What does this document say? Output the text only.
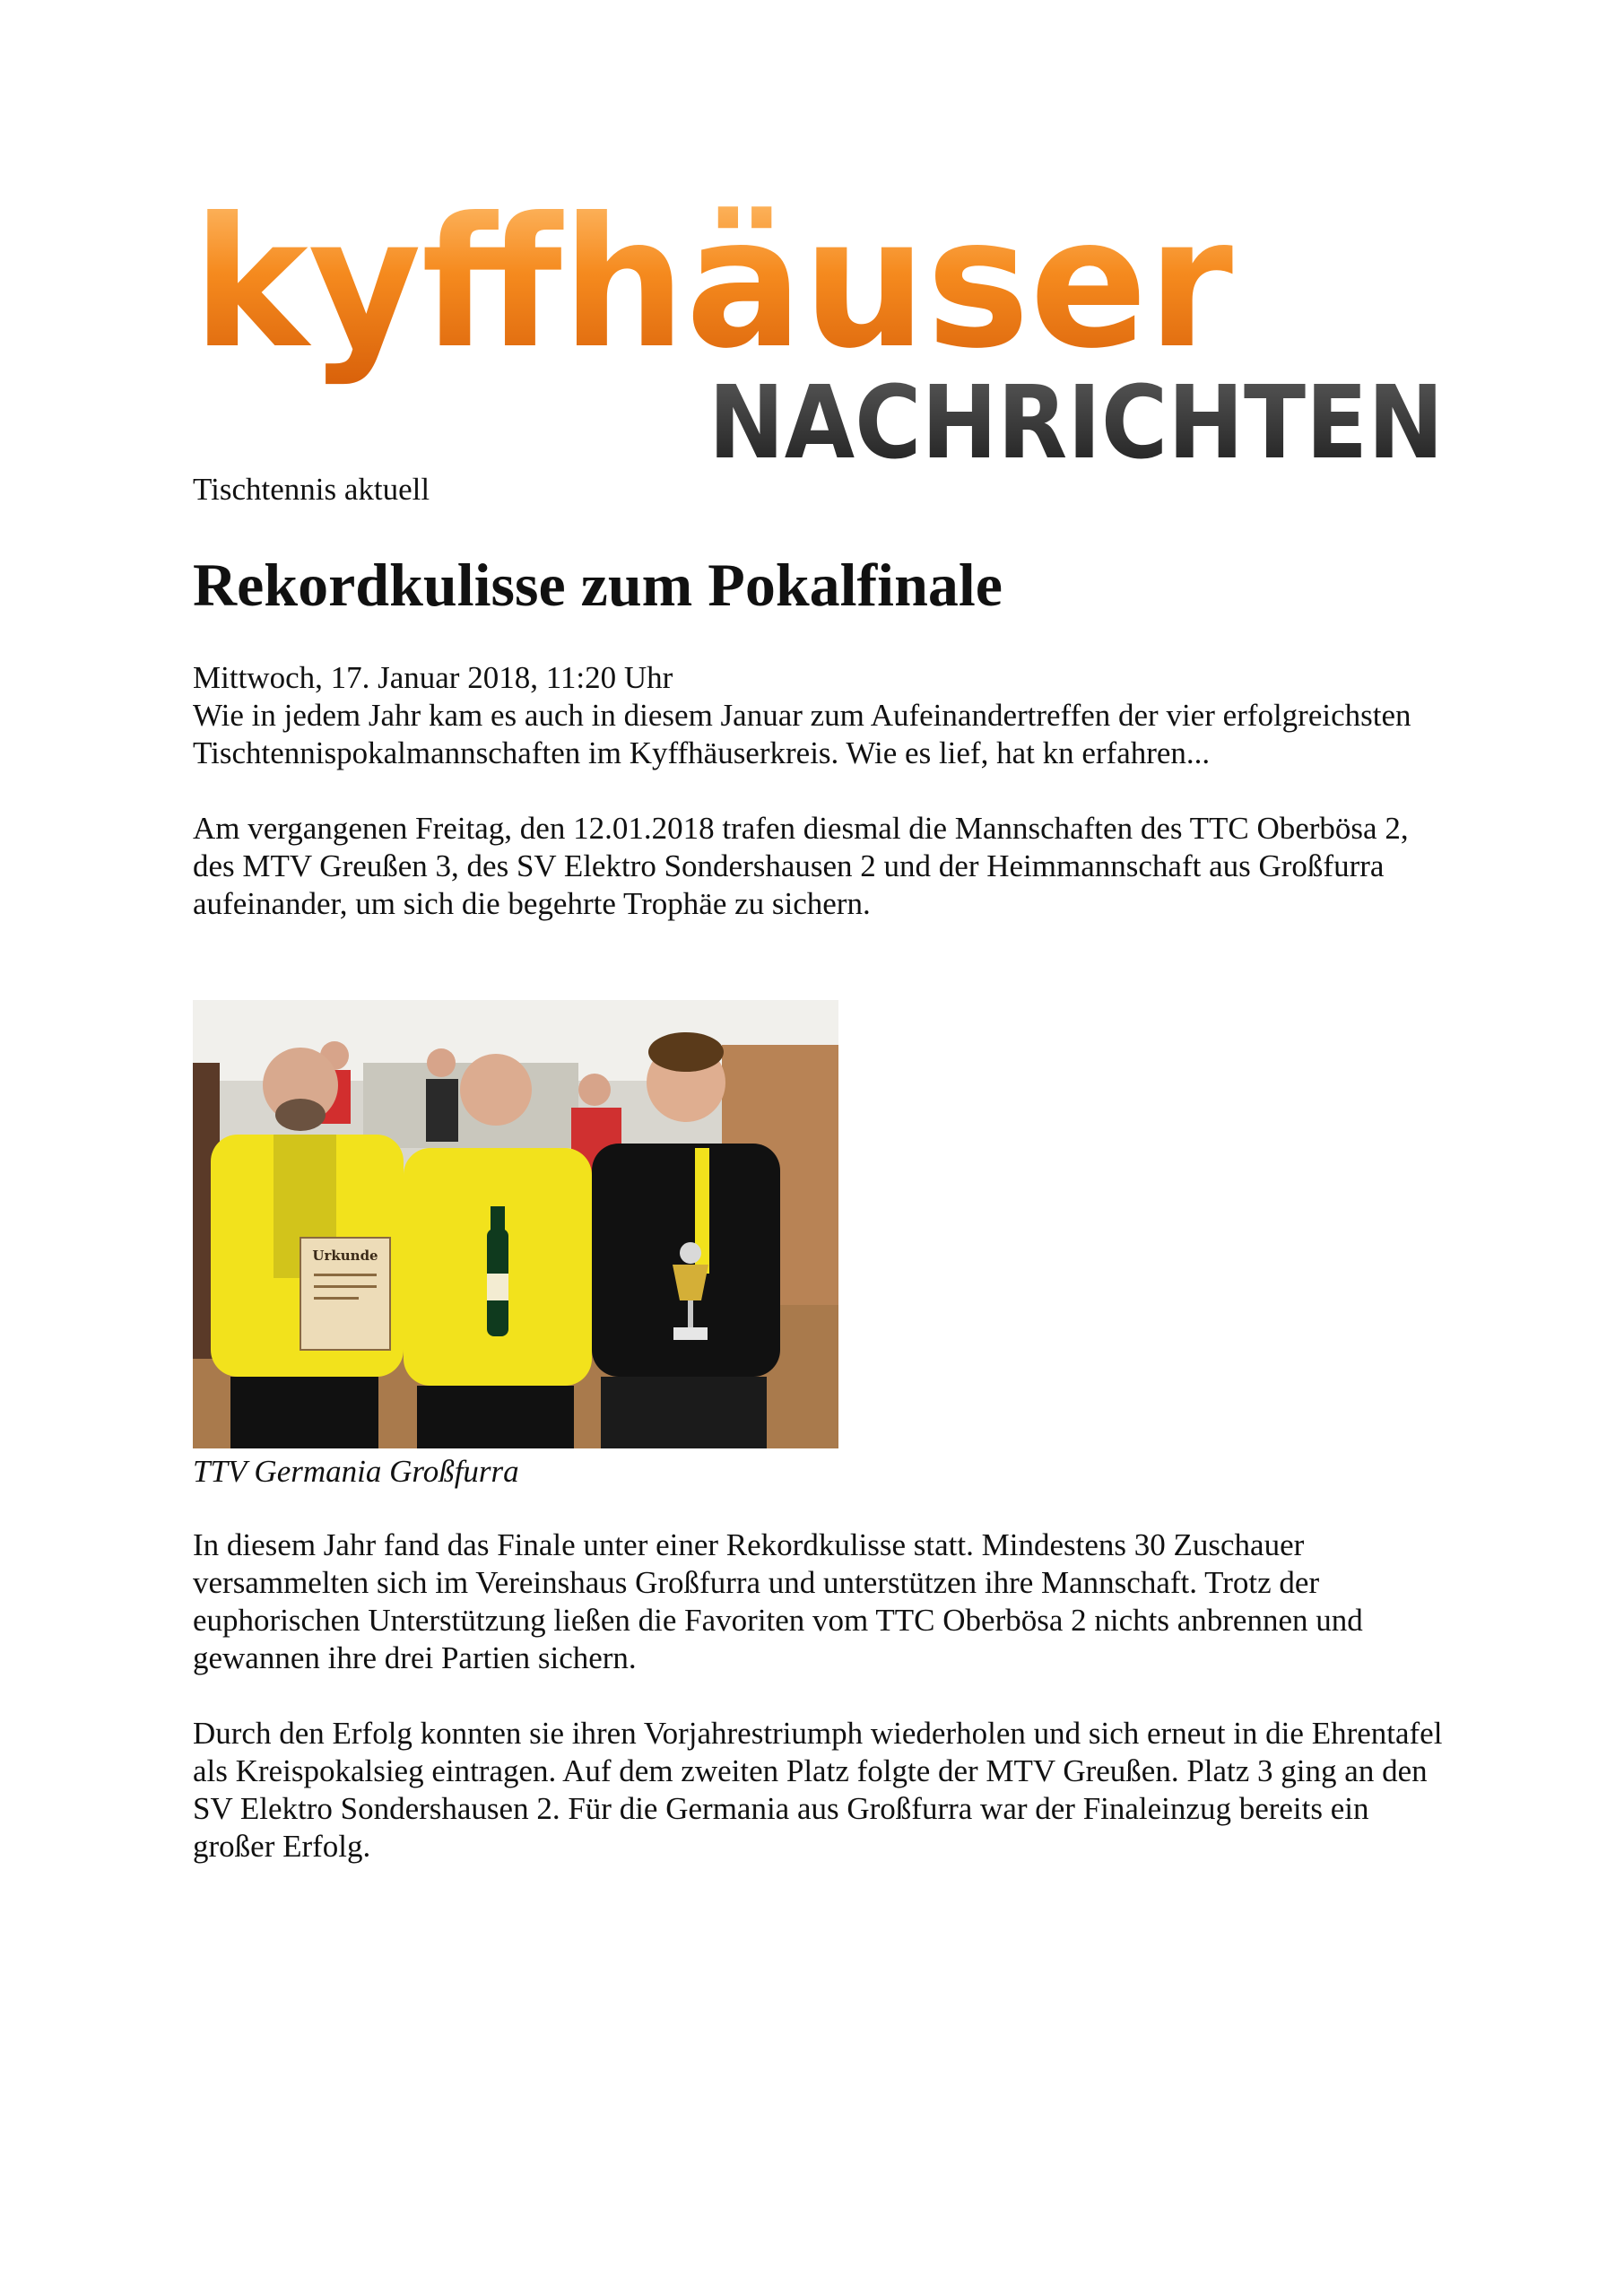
kyffhäuser
NACHRICHTEN
Tischtennis aktuell
Rekordkulisse zum Pokalfinale

Mittwoch, 17. Januar 2018, 11:20 Uhr

Wie in jedem Jahr kam es auch in diesem Januar zum Aufeinandertreffen der vier erfolgreichsten Tischtennispokalmannschaften im Kyffhäuserkreis. Wie es lief, hat kn erfahren...

Am vergangenen Freitag, den 12.01.2018 trafen diesmal die Mannschaften des TTC Oberbösa 2, des MTV Greußen 3, des SV Elektro Sondershausen 2 und der Heimmannschaft aus Großfurra aufeinander, um sich die begehrte Trophäe zu sichern.

Urkunde
TTV Germania Großfurra

In diesem Jahr fand das Finale unter einer Rekordkulisse statt. Mindestens 30 Zuschauer versammelten sich im Vereinshaus Großfurra und unterstützen ihre Mannschaft. Trotz der euphorischen Unterstützung ließen die Favoriten vom TTC Oberbösa 2 nichts anbrennen und gewannen ihre drei Partien sichern.

Durch den Erfolg konnten sie ihren Vorjahrestriumph wiederholen und sich erneut in die Ehrentafel als Kreispokalsieg eintragen. Auf dem zweiten Platz folgte der MTV Greußen. Platz 3 ging an den SV Elektro Sondershausen 2. Für die Germania aus Großfurra war der Finaleinzug bereits ein großer Erfolg.
